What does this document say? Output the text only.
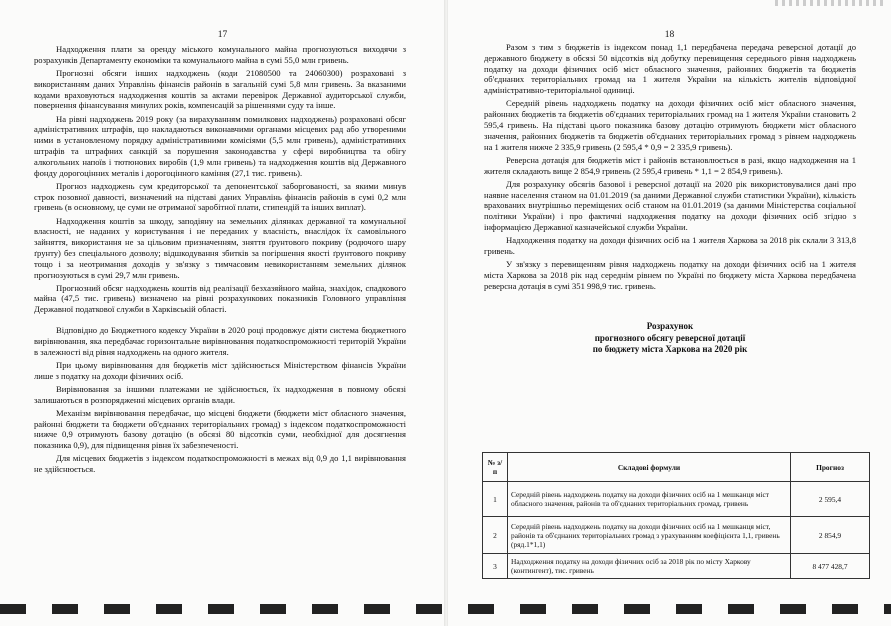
17

Надходження плати за оренду міського комунального майна прогнозуються виходячи з розрахунків Департаменту економіки та комунального майна в сумі 55,0 млн гривень.

Прогнозні обсяги інших надходжень (коди 21080500 та 24060300) розраховані з використанням даних Управлінь фінансів районів в загальній сумі 5,8 млн гривень. За вказаними кодами враховуються надходження коштів за актами перевірок Державної аудиторської служби, повернення фінансування минулих років, компенсацій за рішеннями суду та інше.

На рівні надходжень 2019 року (за вирахуванням помилкових надходжень) розраховані обсяг адміністративних штрафів, що накладаються виконавчими органами місцевих рад або утвореними ними в установленому порядку адміністративними комісіями (5,5 млн гривень), адміністративних штрафів та штрафних санкцій за порушення законодавства у сфері виробництва та обігу алкогольних напоїв і тютюнових виробів (1,9 млн гривень) та надходження коштів від Державного фонду дорогоцінних металів і дорогоцінного каміння (27,1 тис. гривень).

Прогноз надходжень сум кредиторської та депонентської заборгованості, за якими минув строк позовної давності, визначений на підставі даних Управлінь фінансів районів в сумі 0,2 млн гривень (в основному, це суми не отриманої заробітної плати, стипендій та інших виплат).

Надходження коштів за шкоду, заподіяну на земельних ділянках державної та комунальної власності, не наданих у користування і не переданих у власність, внаслідок їх самовільного зайняття, використання не за цільовим призначенням, зняття ґрунтового покриву (родючого шару ґрунту) без спеціального дозволу; відшкодування збитків за погіршення якості ґрунтового покриву тощо і за неотримання доходів у зв'язку з тимчасовим невикористанням земельних ділянок прогнозуються в сумі 29,7 млн гривень.

Прогнозний обсяг надходжень коштів від реалізації безхазяйного майна, знахідок, спадкового майна (47,5 тис. гривень) визначено на рівні розрахункових показників Головного управління Державної податкової служби в Харківській області.

Відповідно до Бюджетного кодексу України в 2020 році продовжує діяти система бюджетного вирівнювання, яка передбачає горизонтальне вирівнювання податкоспроможності територій України в залежності від рівня надходжень на одного жителя.

При цьому вирівнювання для бюджетів міст здійснюється Міністерством фінансів України лише з податку на доходи фізичних осіб.

Вирівнювання за іншими платежами не здійснюється, їх надходження в повному обсязі залишаються в розпорядженні місцевих органів влади.

Механізм вирівнювання передбачає, що місцеві бюджети (бюджети міст обласного значення, районні бюджети та бюджети об'єднаних територіальних громад) з індексом податкоспроможності нижче 0,9 отримують базову дотацію (в обсязі 80 відсотків суми, необхідної для досягнення показника 0,9), для підвищення рівня їх забезпеченості.

Для місцевих бюджетів з індексом податкоспроможності в межах від 0,9 до 1,1 вирівнювання не здійснюється.

18

Разом з тим з бюджетів із індексом понад 1,1 передбачена передача реверсної дотації до державного бюджету в обсязі 50 відсотків від добутку перевищення середнього рівня надходжень податку на доходи фізичних осіб міст обласного значення, районних бюджетів та бюджетів об'єднаних територіальних громад на 1 жителя України на кількість жителів відповідної адміністративно-територіальної одиниці.

Середній рівень надходжень податку на доходи фізичних осіб міст обласного значення, районних бюджетів та бюджетів об'єднаних територіальних громад на 1 жителя України становить 2 595,4 гривень. На підставі цього показника базову дотацію отримують бюджети міст обласного значення, районних бюджетів та бюджетів об'єднаних територіальних громад з рівнем надходжень на 1 жителя нижче 2 335,9 гривень (2 595,4 * 0,9 = 2 335,9 гривень).

Реверсна дотація для бюджетів міст і районів встановлюється в разі, якщо надходження на 1 жителя складають вище 2 854,9 гривень (2 595,4 гривень * 1,1 = 2 854,9 гривень).

Для розрахунку обсягів базової і реверсної дотації на 2020 рік використовувалися дані про наявне населення станом на 01.01.2019 (за даними Державної служби статистики України), кількість врахованих внутрішньо переміщених осіб станом на 01.01.2019 (за даними Міністерства соціальної політики України) і про фактичні надходження податку на доходи фізичних осіб згідно з інформацією Державної казначейської служби України.

Надходження податку на доходи фізичних осіб на 1 жителя Харкова за 2018 рік склали 3 313,8 гривень.

У зв'язку з перевищенням рівня надходжень податку на доходи фізичних осіб на 1 жителя міста Харкова за 2018 рік над середнім рівнем по Україні по бюджету міста Харкова передбачена реверсна дотація в сумі 351 998,9 тис. гривень.

Розрахунок
прогнозного обсягу реверсної дотації
по бюджету міста Харкова на 2020 рік
№ з/п	Складові формули	Прогноз
1	Середній рівень надходжень податку на доходи фізичних осіб на 1 мешканця міст обласного значення, районів та об'єднаних територіальних громад, гривень	2 595,4
2	Середній рівень надходжень податку на доходи фізичних осіб на 1 мешканця міст, районів та об'єднаних територіальних громад з урахуванням коефіцієнта 1,1, гривень (ряд.1*1,1)	2 854,9
3	Надходження податку на доходи фізичних осіб за 2018 рік по місту Харкову (контингент), тис. гривень	8 477 428,7
